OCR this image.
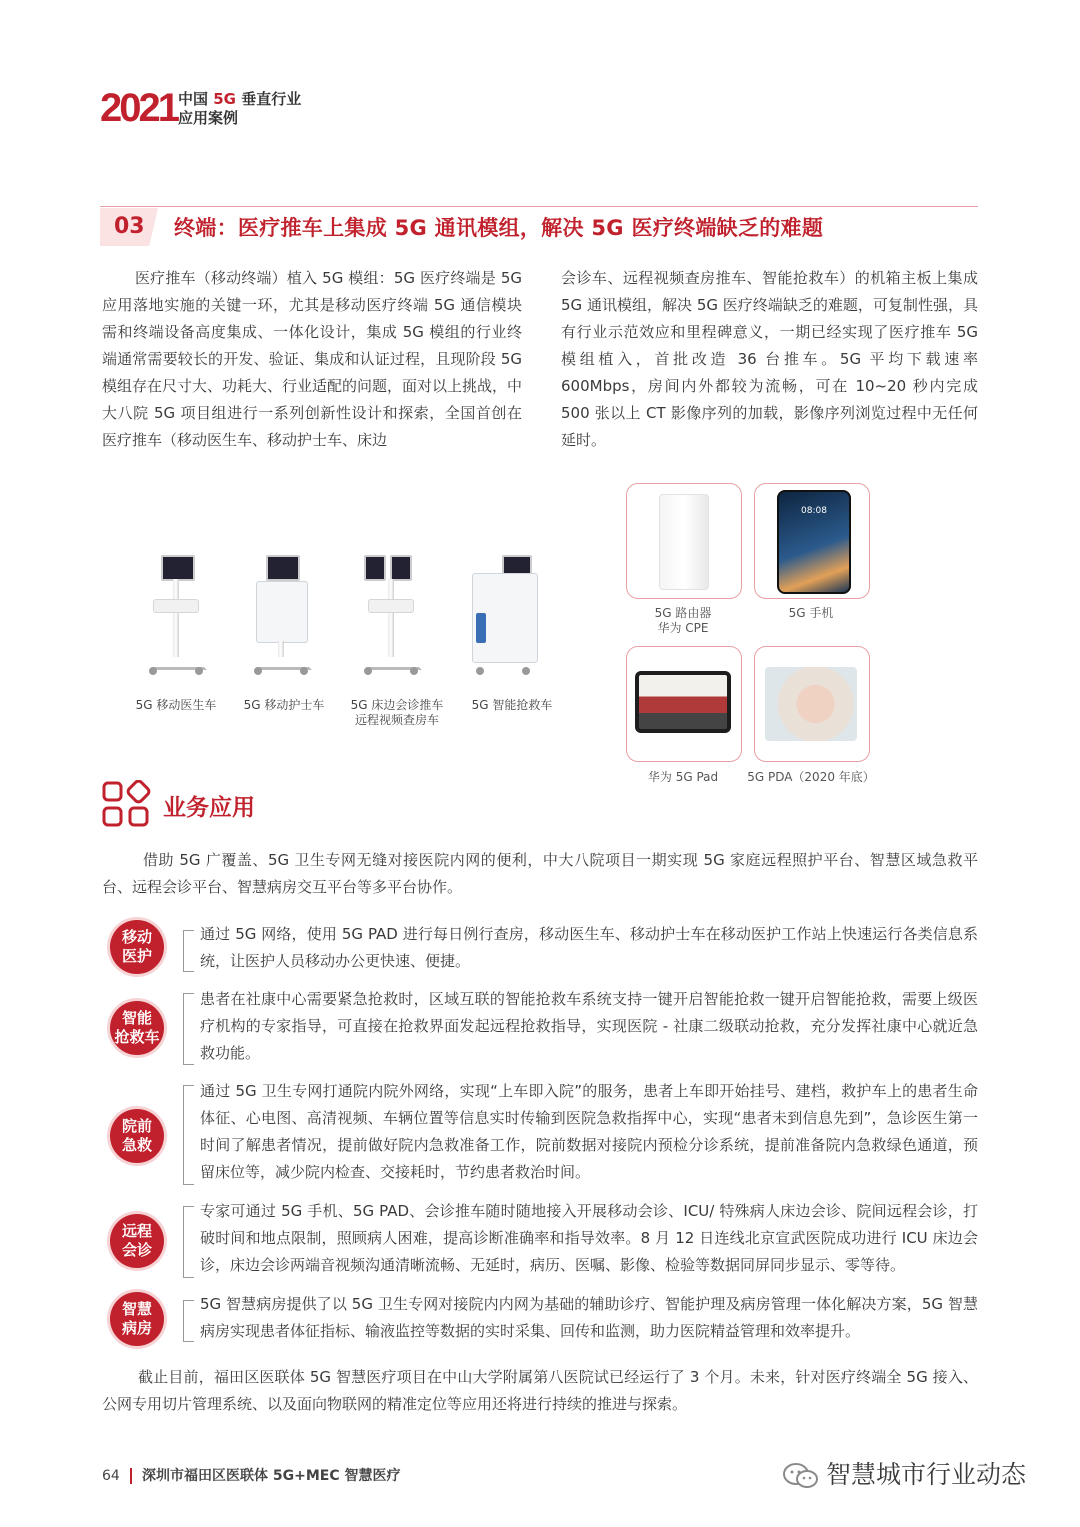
2021 中国 5G 垂直行业
应用案例
03 终端：医疗推车上集成 5G 通讯模组，解决 5G 医疗终端缺乏的难题

医疗推车（移动终端）植入 5G 模组：5G 医疗终端是 5G 应用落地实施的关键一环，尤其是移动医疗终端 5G 通信模块需和终端设备高度集成、一体化设计，集成 5G 模组的行业终端通常需要较长的开发、验证、集成和认证过程，且现阶段 5G 模组存在尺寸大、功耗大、行业适配的问题，面对以上挑战，中大八院 5G 项目组进行一系列创新性设计和探索，全国首创在医疗推车（移动医生车、移动护士车、床边

会诊车、远程视频查房推车、智能抢救车）的机箱主板上集成 5G 通讯模组，解决 5G 医疗终端缺乏的难题，可复制性强，具有行业示范效应和里程碑意义，一期已经实现了医疗推车 5G 模组植入，首批改造 36 台推车。5G 平均下载速率 600Mbps，房间内外都较为流畅，可在 10~20 秒内完成 500 张以上 CT 影像序列的加载，影像序列浏览过程中无任何延时。

5G 移动医生车	5G 移动护士车	5G 床边会诊推车
远程视频查房车
5G 智能抢救车
08:08
5G 路由器
华为 CPE
5G 手机
华为 5G Pad	5G PDA（2020 年底）
业务应用

借助 5G 广覆盖、5G 卫生专网无缝对接医院内网的便利，中大八院项目一期实现 5G 家庭远程照护平台、智慧区域急救平台、远程会诊平台、智慧病房交互平台等多平台协作。

移动
医护

通过 5G 网络，使用 5G PAD 进行每日例行查房，移动医生车、移动护士车在移动医护工作站上快速运行各类信息系统，让医护人员移动办公更快速、便捷。

智能
抢救车

患者在社康中心需要紧急抢救时，区域互联的智能抢救车系统支持一键开启智能抢救一键开启智能抢救，需要上级医疗机构的专家指导，可直接在抢救界面发起远程抢救指导，实现医院 - 社康二级联动抢救，充分发挥社康中心就近急救功能。

院前
急救

通过 5G 卫生专网打通院内院外网络，实现“上车即入院”的服务，患者上车即开始挂号、建档，救护车上的患者生命体征、心电图、高清视频、车辆位置等信息实时传输到医院急救指挥中心，实现“患者未到信息先到”，急诊医生第一时间了解患者情况，提前做好院内急救准备工作，院前数据对接院内预检分诊系统，提前准备院内急救绿色通道，预留床位等，减少院内检查、交接耗时，节约患者救治时间。

远程
会诊

专家可通过 5G 手机、5G PAD、会诊推车随时随地接入开展移动会诊、ICU/ 特殊病人床边会诊、院间远程会诊，打破时间和地点限制，照顾病人困难，提高诊断准确率和指导效率。8 月 12 日连线北京宣武医院成功进行 ICU 床边会诊，床边会诊两端音视频沟通清晰流畅、无延时，病历、医嘱、影像、检验等数据同屏同步显示、零等待。

智慧
病房

5G 智慧病房提供了以 5G 卫生专网对接院内内网为基础的辅助诊疗、智能护理及病房管理一体化解决方案，5G 智慧病房实现患者体征指标、输液监控等数据的实时采集、回传和监测，助力医院精益管理和效率提升。

截止目前，福田区医联体 5G 智慧医疗项目在中山大学附属第八医院试已经运行了 3 个月。未来，针对医疗终端全 5G 接入、公网专用切片管理系统、以及面向物联网的精准定位等应用还将进行持续的推进与探索。

64 深圳市福田区医联体 5G+MEC 智慧医疗	智慧城市行业动态
